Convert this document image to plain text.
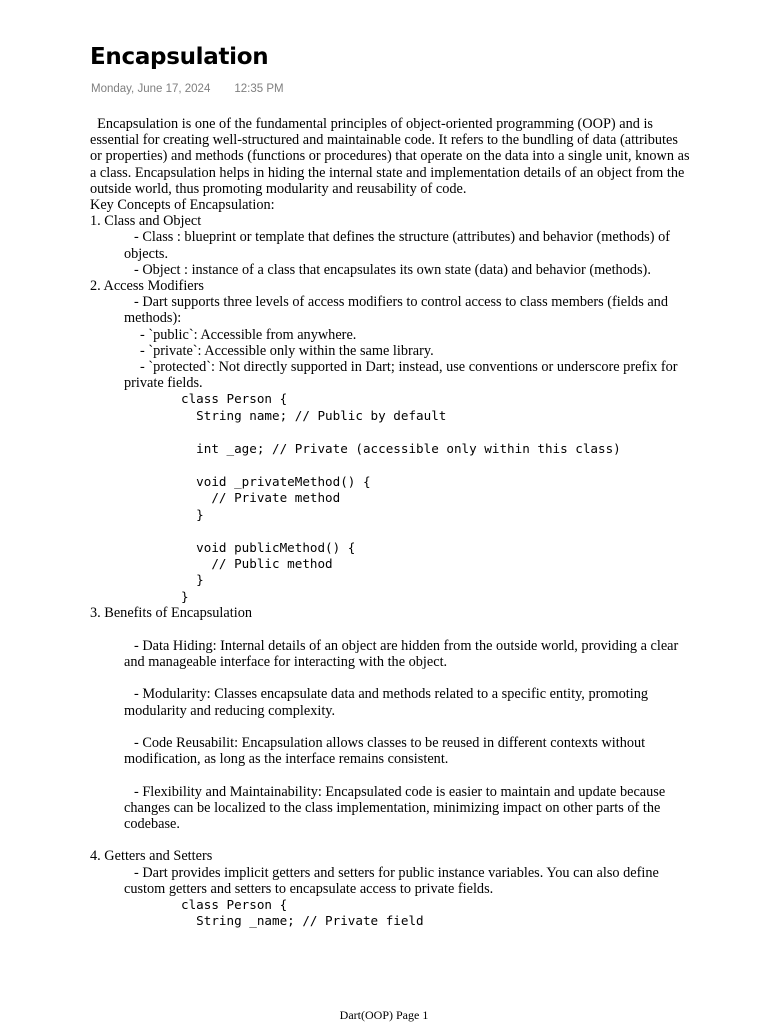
Encapsulation
Monday, June 17, 2024 12:35 PM

Encapsulation is one of the fundamental principles of object-oriented programming (OOP) and is essential for creating well-structured and maintainable code. It refers to the bundling of data (attributes or properties) and methods (functions or procedures) that operate on the data into a single unit, known as a class. Encapsulation helps in hiding the internal state and implementation details of an object from the outside world, thus promoting modularity and reusability of code.

Key Concepts of Encapsulation:

1. Class and Object

- Class : blueprint or template that defines the structure (attributes) and behavior (methods) of objects.

- Object : instance of a class that encapsulates its own state (data) and behavior (methods).

2. Access Modifiers

- Dart supports three levels of access modifiers to control access to class members (fields and methods):

- `public`: Accessible from anywhere.

- `private`: Accessible only within the same library.

- `protected`: Not directly supported in Dart; instead, use conventions or underscore prefix for private fields.

class Person {
String name; // Public by default

int _age; // Private (accessible only within this class)

void _privateMethod() {
// Private method
}

void publicMethod() {
// Public method
}
}

3. Benefits of Encapsulation

- Data Hiding: Internal details of an object are hidden from the outside world, providing a clear and manageable interface for interacting with the object.

- Modularity: Classes encapsulate data and methods related to a specific entity, promoting modularity and reducing complexity.

- Code Reusabilit: Encapsulation allows classes to be reused in different contexts without modification, as long as the interface remains consistent.

- Flexibility and Maintainability: Encapsulated code is easier to maintain and update because changes can be localized to the class implementation, minimizing impact on other parts of the codebase.

4. Getters and Setters

- Dart provides implicit getters and setters for public instance variables. You can also define custom getters and setters to encapsulate access to private fields.

class Person {
String _name; // Private field
Dart(OOP) Page 1
